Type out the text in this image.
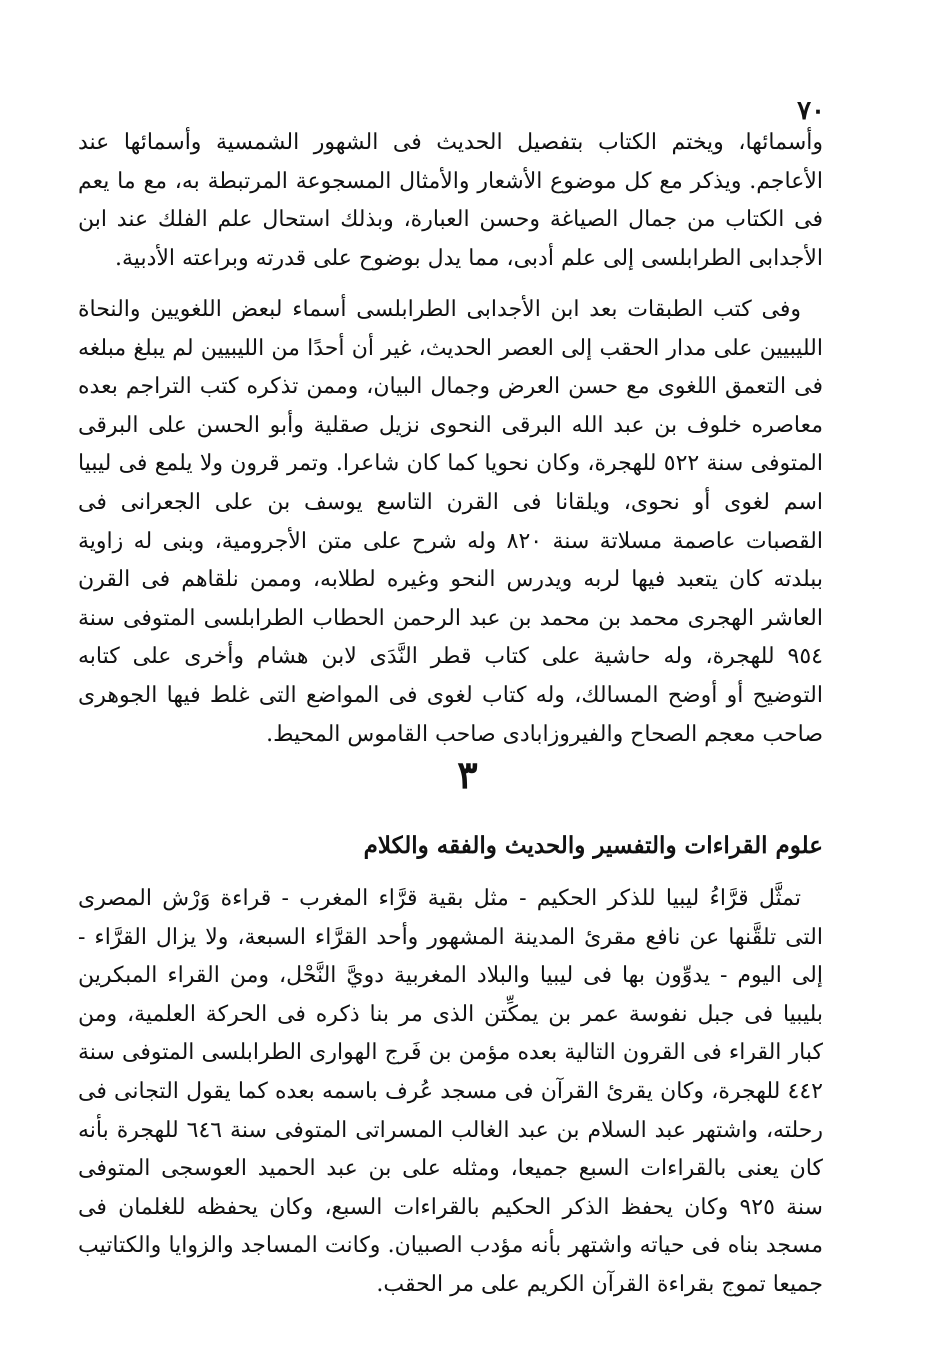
٧٠

وأسمائها، ويختم الكتاب بتفصيل الحديث فى الشهور الشمسية وأسمائها عند الأعاجم. ويذكر مع كل موضوع الأشعار والأمثال المسجوعة المرتبطة به، مع ما يعم فى الكتاب من جمال الصياغة وحسن العبارة، وبذلك استحال علم الفلك عند ابن الأجدابى الطرابلسى إلى علم أدبى، مما يدل بوضوح على قدرته وبراعته الأدبية.

وفى كتب الطبقات بعد ابن الأجدابى الطرابلسى أسماء لبعض اللغويين والنحاة الليبيين على مدار الحقب إلى العصر الحديث، غير أن أحدًا من الليبيين لم يبلغ مبلغه فى التعمق اللغوى مع حسن العرض وجمال البيان، وممن تذكره كتب التراجم بعده معاصره خلوف بن عبد الله البرقى النحوى نزيل صقلية وأبو الحسن على البرقى المتوفى سنة ٥٢٢ للهجرة، وكان نحويا كما كان شاعرا. وتمر قرون ولا يلمع فى ليبيا اسم لغوى أو نحوى، ويلقانا فى القرن التاسع يوسف بن على الجعرانى فى القصبات عاصمة مسلاتة سنة ٨٢٠ وله شرح على متن الأجرومية، وبنى له زاوية ببلدته كان يتعبد فيها لربه ويدرس النحو وغيره لطلابه، وممن نلقاهم فى القرن العاشر الهجرى محمد بن محمد بن عبد الرحمن الحطاب الطرابلسى المتوفى سنة ٩٥٤ للهجرة، وله حاشية على كتاب قطر النَّدَى لابن هشام وأخرى على كتابه التوضيح أو أوضح المسالك، وله كتاب لغوى فى المواضع التى غلط فيها الجوهرى صاحب معجم الصحاح والفيروزابادى صاحب القاموس المحيط.

٣
علوم القراءات والتفسير والحديث والفقه والكلام

تمثَّل قرَّاءُ ليبيا للذكر الحكيم - مثل بقية قرَّاء المغرب - قراءة وَرْش المصرى التى تلقَّنها عن نافع مقرئ المدينة المشهور وأحد القرَّاء السبعة، ولا يزال القرَّاء - إلى اليوم - يدوِّون بها فى ليبيا والبلاد المغربية دويَّ النَّحْل، ومن القراء المبكرين بليبيا فى جبل نفوسة عمر بن يمكِّتن الذى مر بنا ذكره فى الحركة العلمية، ومن كبار القراء فى القرون التالية بعده مؤمن بن فَرج الهوارى الطرابلسى المتوفى سنة ٤٤٢ للهجرة، وكان يقرئ القرآن فى مسجد عُرف باسمه بعده كما يقول التجانى فى رحلته، واشتهر عبد السلام بن عبد الغالب المسراتى المتوفى سنة ٦٤٦ للهجرة بأنه كان يعنى بالقراءات السبع جميعا، ومثله على بن عبد الحميد العوسجى المتوفى سنة ٩٢٥ وكان يحفظ الذكر الحكيم بالقراءات السبع، وكان يحفظه للغلمان فى مسجد بناه فى حياته واشتهر بأنه مؤدب الصبيان. وكانت المساجد والزوايا والكتاتيب جميعا تموج بقراءة القرآن الكريم على مر الحقب.
